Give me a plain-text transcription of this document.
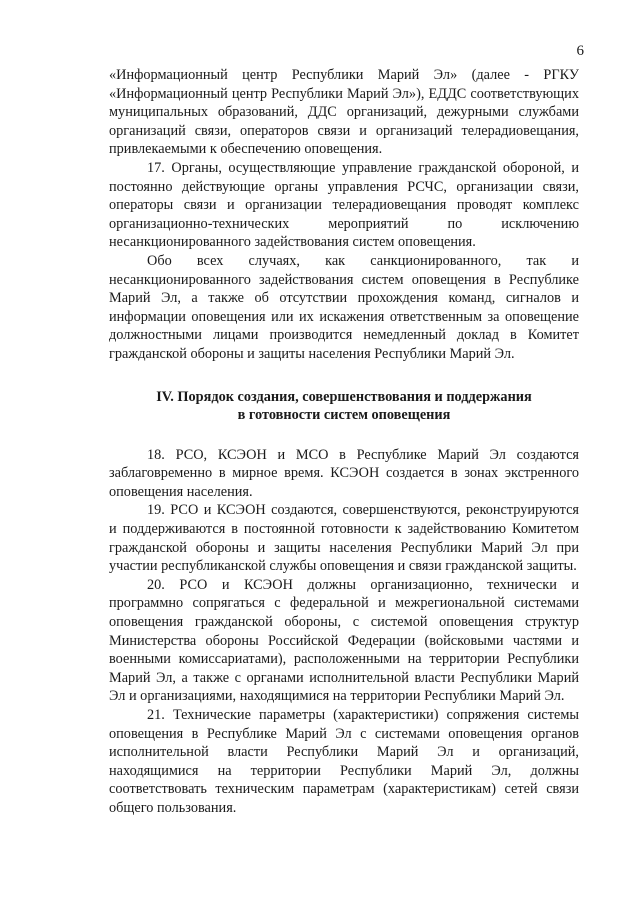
6

«Информационный центр Республики Марий Эл» (далее - РГКУ «Информационный центр Республики Марий Эл»), ЕДДС соответствующих муниципальных образований, ДДС организаций, дежурными службами организаций связи, операторов связи и организаций телерадиовещания, привлекаемыми к обеспечению оповещения.

17. Органы, осуществляющие управление гражданской обороной, и постоянно действующие органы управления РСЧС, организации связи, операторы связи и организации телерадиовещания проводят комплекс организационно-технических мероприятий по исключению несанкционированного задействования систем оповещения.

Обо всех случаях, как санкционированного, так и несанкционированного задействования систем оповещения в Республике Марий Эл, а также об отсутствии прохождения команд, сигналов и информации оповещения или их искажения ответственным за оповещение должностными лицами производится немедленный доклад в Комитет гражданской обороны и защиты населения Республики Марий Эл.

IV. Порядок создания, совершенствования и поддержания
в готовности систем оповещения

18. РСО, КСЭОН и МСО в Республике Марий Эл создаются заблаговременно в мирное время. КСЭОН создается в зонах экстренного оповещения населения.

19. РСО и КСЭОН создаются, совершенствуются, реконструируются и поддерживаются в постоянной готовности к задействованию Комитетом гражданской обороны и защиты населения Республики Марий Эл при участии республиканской службы оповещения и связи гражданской защиты.

20. РСО и КСЭОН должны организационно, технически и программно сопрягаться с федеральной и межрегиональной системами оповещения гражданской обороны, с системой оповещения структур Министерства обороны Российской Федерации (войсковыми частями и военными комиссариатами), расположенными на территории Республики Марий Эл, а также с органами исполнительной власти Республики Марий Эл и организациями, находящимися на территории Республики Марий Эл.

21. Технические параметры (характеристики) сопряжения системы оповещения в Республике Марий Эл с системами оповещения органов исполнительной власти Республики Марий Эл и организаций, находящимися на территории Республики Марий Эл, должны соответствовать техническим параметрам (характеристикам) сетей связи общего пользования.
